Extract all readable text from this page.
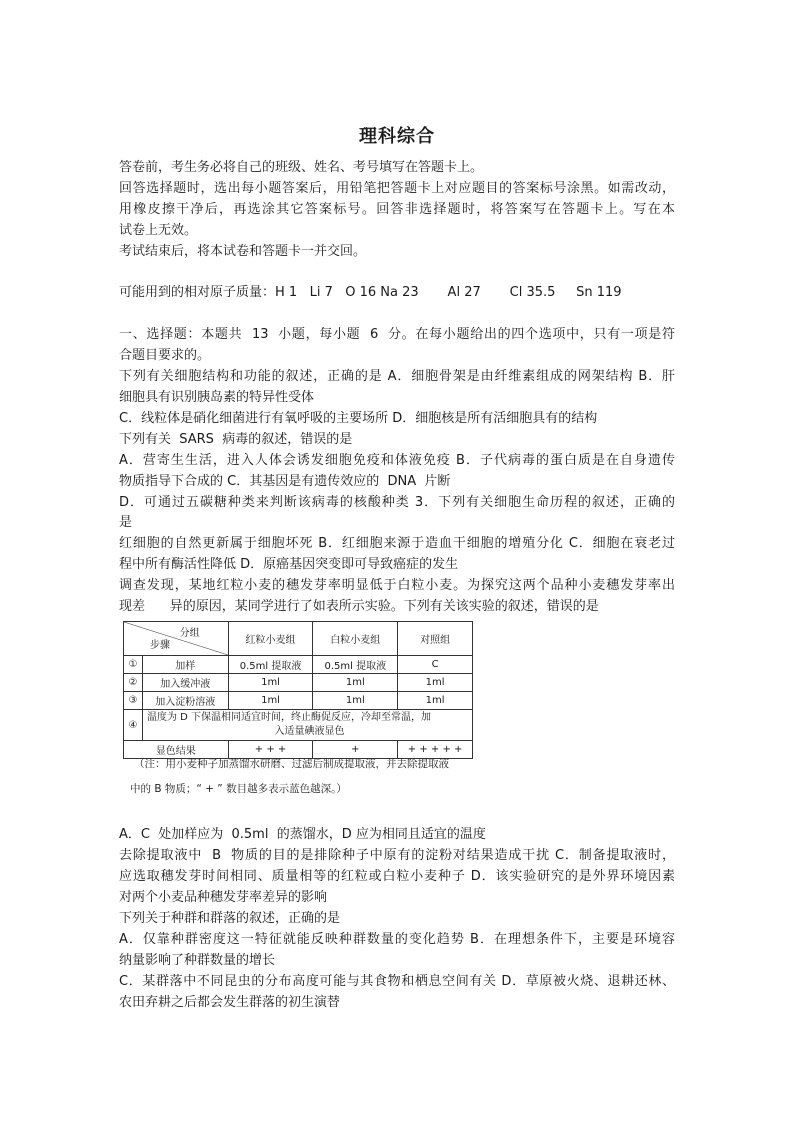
理科综合
答卷前，考生务必将自己的班级、姓名、考号填写在答题卡上。
回答选择题时，选出每小题答案后，用铅笔把答题卡上对应题目的答案标号涂黑。如需改动，
用橡皮擦干净后，再选涂其它答案标号。回答非选择题时，将答案写在答题卡上。写在本
试卷上无效。
考试结束后，将本试卷和答题卡一并交回。
可能用到的相对原子质量：H 1   Li 7   O 16 Na 23       Al 27       Cl 35.5     Sn 119
一、选择题：本题共  13  小题，每小题  6  分。在每小题给出的四个选项中，只有一项是符
合题目要求的。
下列有关细胞结构和功能的叙述，正确的是 A．细胞骨架是由纤维素组成的网架结构 B．肝
细胞具有识别胰岛素的特异性受体
C．线粒体是硝化细菌进行有氧呼吸的主要场所 D．细胞核是所有活细胞具有的结构
下列有关  SARS  病毒的叙述，错误的是
A．营寄生生活，进入人体会诱发细胞免疫和体液免疫 B．子代病毒的蛋白质是在自身遗传
物质指导下合成的 C．其基因是有遗传效应的  DNA  片断
D．可通过五碳糖种类来判断该病毒的核酸种类 3．下列有关细胞生命历程的叙述，正确的
是
红细胞的自然更新属于细胞坏死 B．红细胞来源于造血干细胞的增殖分化 C．细胞在衰老过
程中所有酶活性降低 D．原癌基因突变即可导致癌症的发生
调查发现，某地红粒小麦的穗发芽率明显低于白粒小麦。为探究这两个品种小麦穗发芽率出
现差      异的原因，某同学进行了如表所示实验。下列有关该实验的叙述，错误的是
分组
步骤		红粒小麦组	白粒小麦组	对照组
①	加样	0.5ml 提取液	0.5ml 提取液	C
②	加入缓冲液	1ml	1ml	1ml
③	加入淀粉溶液	1ml	1ml	1ml
④	温度为 D 下保温相同适宜时间，终止酶促反应，冷却至常温，加
入适量碘液显色			

显色结果		+ + +	+	+ + + + +
（注：用小麦种子加蒸馏水研磨、过滤后制成提取液，并去除提取液
中的 B 物质；“ + ” 数目越多表示蓝色越深。）
A．C  处加样应为  0.5ml  的蒸馏水，D 应为相同且适宜的温度
去除提取液中  B  物质的目的是排除种子中原有的淀粉对结果造成干扰 C．制备提取液时，
应选取穗发芽时间相同、质量相等的红粒或白粒小麦种子 D．该实验研究的是外界环境因素
对两个小麦品种穗发芽率差异的影响
下列关于种群和群落的叙述，正确的是
A．仅靠种群密度这一特征就能反映种群数量的变化趋势 B．在理想条件下，主要是环境容
纳量影响了种群数量的增长
C．某群落中不同昆虫的分布高度可能与其食物和栖息空间有关 D．草原被火烧、退耕还林、
农田弃耕之后都会发生群落的初生演替
